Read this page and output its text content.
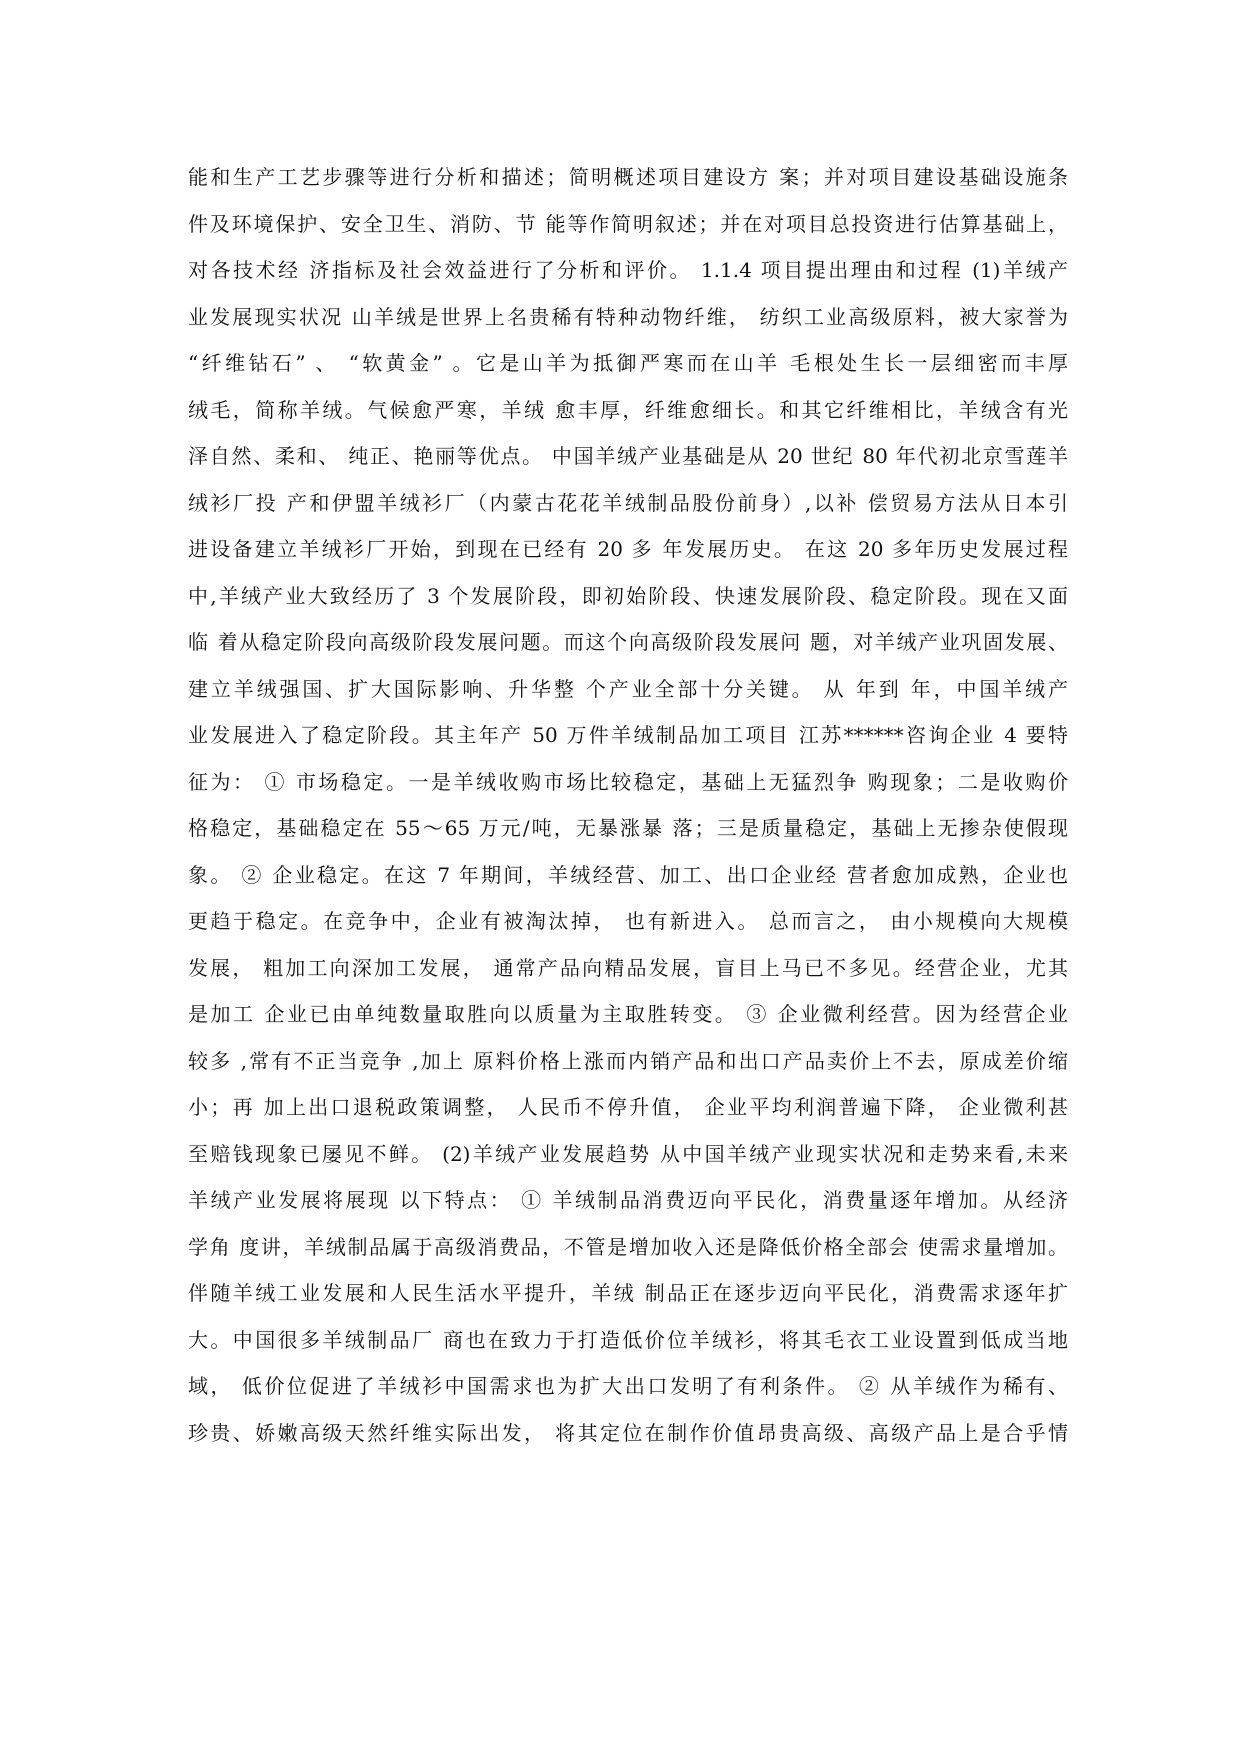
能和生产工艺步骤等进行分析和描述；简明概述项目建设方 案；并对项目建设基础设施条
件及环境保护、安全卫生、消防、节 能等作简明叙述；并在对项目总投资进行估算基础上，
对各技术经 济指标及社会效益进行了分析和评价。 1.1.4 项目提出理由和过程 (1)羊绒产
业发展现实状况 山羊绒是世界上名贵稀有特种动物纤维， 纺织工业高级原料，被大家誉为
“纤维钻石” 、 “软黄金” 。它是山羊为抵御严寒而在山羊 毛根处生长一层细密而丰厚
绒毛，简称羊绒。气候愈严寒，羊绒 愈丰厚，纤维愈细长。和其它纤维相比，羊绒含有光
泽自然、柔和、 纯正、艳丽等优点。 中国羊绒产业基础是从 20 世纪 80 年代初北京雪莲羊
绒衫厂投 产和伊盟羊绒衫厂（内蒙古花花羊绒制品股份前身）,以补 偿贸易方法从日本引
进设备建立羊绒衫厂开始，到现在已经有 20 多 年发展历史。 在这 20 多年历史发展过程
中,羊绒产业大致经历了 3 个发展阶段，即初始阶段、快速发展阶段、稳定阶段。现在又面
临 着从稳定阶段向高级阶段发展问题。而这个向高级阶段发展问 题，对羊绒产业巩固发展、
建立羊绒强国、扩大国际影响、升华整 个产业全部十分关键。 从 年到 年，中国羊绒产
业发展进入了稳定阶段。其主年产 50 万件羊绒制品加工项目 江苏******咨询企业 4 要特
征为： ① 市场稳定。一是羊绒收购市场比较稳定，基础上无猛烈争 购现象；二是收购价
格稳定，基础稳定在 55～65 万元/吨，无暴涨暴 落；三是质量稳定，基础上无掺杂使假现
象。 ② 企业稳定。在这 7 年期间，羊绒经营、加工、出口企业经 营者愈加成熟，企业也
更趋于稳定。在竞争中，企业有被淘汰掉， 也有新进入。 总而言之， 由小规模向大规模
发展， 粗加工向深加工发展， 通常产品向精品发展，盲目上马已不多见。经营企业，尤其
是加工 企业已由单纯数量取胜向以质量为主取胜转变。 ③ 企业微利经营。因为经营企业
较多 ,常有不正当竞争 ,加上 原料价格上涨而内销产品和出口产品卖价上不去，原成差价缩
小；再 加上出口退税政策调整， 人民币不停升值， 企业平均利润普遍下降， 企业微利甚
至赔钱现象已屡见不鲜。 (2)羊绒产业发展趋势 从中国羊绒产业现实状况和走势来看,未来
羊绒产业发展将展现 以下特点： ① 羊绒制品消费迈向平民化，消费量逐年增加。从经济
学角 度讲，羊绒制品属于高级消费品，不管是增加收入还是降低价格全部会 使需求量增加。
伴随羊绒工业发展和人民生活水平提升，羊绒 制品正在逐步迈向平民化，消费需求逐年扩
大。中国很多羊绒制品厂 商也在致力于打造低价位羊绒衫，将其毛衣工业设置到低成当地
域， 低价位促进了羊绒衫中国需求也为扩大出口发明了有利条件。 ② 从羊绒作为稀有、
珍贵、娇嫩高级天然纤维实际出发， 将其定位在制作价值昂贵高级、高级产品上是合乎情
